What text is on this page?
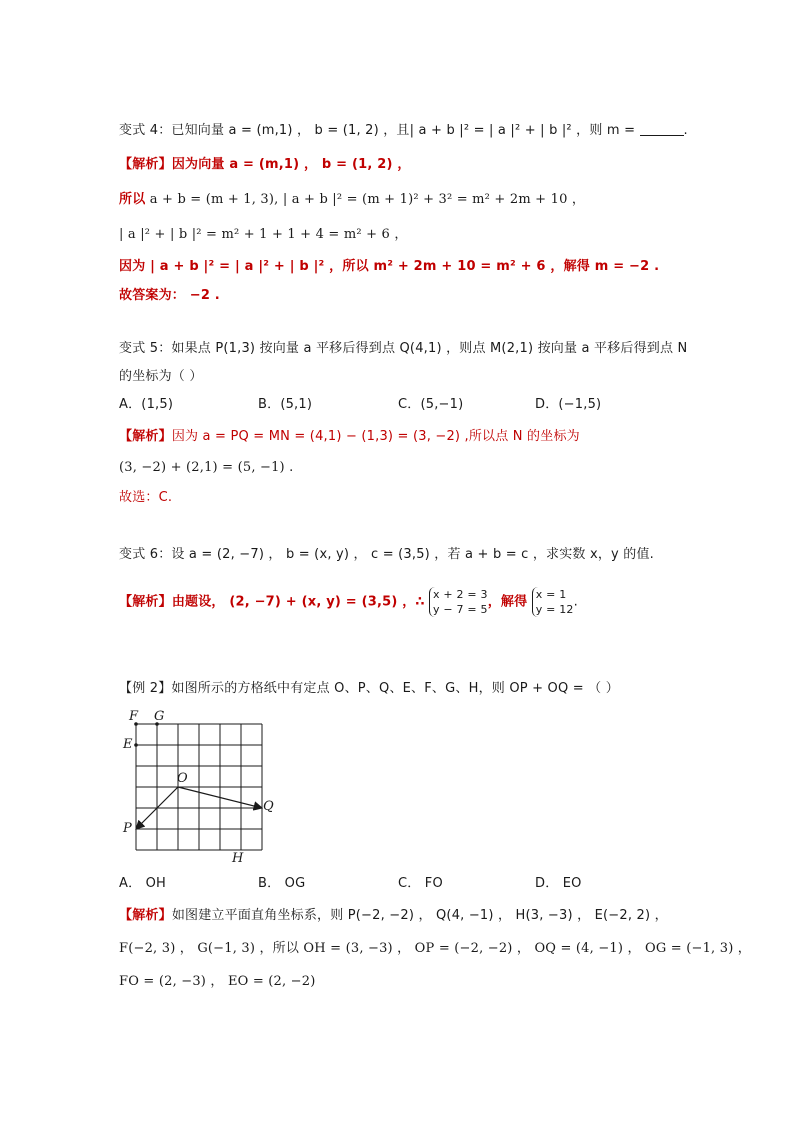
变式 4：已知向量 a = (m,1) ， b = (1, 2) ，且| a + b |² = | a |² + | b |² ，则 m =	.
【解析】因为向量 a = (m,1) ， b = (1, 2) ，
所以 a + b = (m + 1, 3), | a + b |² = (m + 1)² + 3² = m² + 2m + 10 ，
| a |² + | b |² = m² + 1 + 1 + 4 = m² + 6 ，
因为 | a + b |² = | a |² + | b |² ，所以 m² + 2m + 10 = m² + 6 ，解得 m = −2 .
故答案为： −2 .
变式 5：如果点 P(1,3) 按向量 a 平移后得到点 Q(4,1) ，则点 M(2,1) 按向量 a 平移后得到点 N
的坐标为（ ）
A．(1,5)	B．(5,1)	C．(5,−1)	D．(−1,5)
【解析】因为 a = PQ = MN = (4,1) − (1,3) = (3, −2) ,所以点 N 的坐标为
(3, −2) + (2,1) = (5, −1) .
故选：C.
变式 6：设 a = (2, −7) ， b = (x, y) ， c = (3,5) ，若 a + b = c ，求实数 x，y 的值.
【解析】由题设， (2, −7) + (x, y) = (3,5) ，∴ x + 2 = 3
y − 7 = 5 ，解得 x = 1
y = 12 .
【例 2】如图所示的方格纸中有定点 O、P、Q、E、F、G、H，则 OP + OQ = （ ）
F G
E
O
P
Q
H
A． OH	B． OG	C． FO	D． EO
【解析】如图建立平面直角坐标系，则 P(−2, −2) ， Q(4, −1) ， H(3, −3) ， E(−2, 2) ，
F(−2, 3) ， G(−1, 3) ，所以 OH = (3, −3) ， OP = (−2, −2) ， OQ = (4, −1) ， OG = (−1, 3) ，
FO = (2, −3) ， EO = (2, −2)
